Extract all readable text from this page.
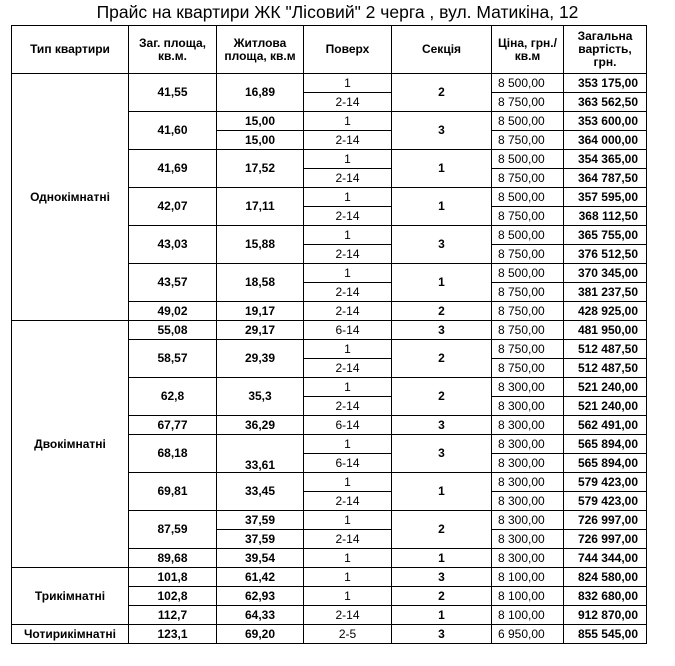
Прайс на квартири ЖК "Лісовий" 2 черга , вул. Матикіна, 12
Тип квартири	Заг. площа, кв.м.	Житлова площа, кв.м	Поверх	Секція	Ціна, грн./кв.м	Загальна вартість, грн.
Однокімнатні	41,55	16,89	1	2	8 500,00	353 175,00
			2-14		8 750,00	363 562,50
	41,60	15,00	1	3	8 500,00	353 600,00
		15,00	2-14		8 750,00	364 000,00
	41,69	17,52	1	1	8 500,00	354 365,00
			2-14		8 750,00	364 787,50
	42,07	17,11	1	1	8 500,00	357 595,00
			2-14		8 750,00	368 112,50
	43,03	15,88	1	3	8 500,00	365 755,00
			2-14		8 750,00	376 512,50
	43,57	18,58	1	1	8 500,00	370 345,00
			2-14		8 750,00	381 237,50
	49,02	19,17	2-14	2	8 750,00	428 925,00
Двокімнатні	55,08	29,17	6-14	3	8 750,00	481 950,00
	58,57	29,39	1	2	8 750,00	512 487,50
			2-14		8 750,00	512 487,50
	62,8	35,3	1	2	8 300,00	521 240,00
			2-14		8 300,00	521 240,00
	67,77	36,29	6-14	3	8 300,00	562 491,00
	68,18	33,61	1	3	8 300,00	565 894,00
			6-14		8 300,00	565 894,00
	69,81	33,45	1	1	8 300,00	579 423,00
			2-14		8 300,00	579 423,00
	87,59	37,59	1	2	8 300,00	726 997,00
		37,59	2-14		8 300,00	726 997,00
	89,68	39,54	1	1	8 300,00	744 344,00
Трикімнатні	101,8	61,42	1	3	8 100,00	824 580,00
	102,8	62,93	1	2	8 100,00	832 680,00
	112,7	64,33	2-14	1	8 100,00	912 870,00
Чотирикімнатні	123,1	69,20	2-5	3	6 950,00	855 545,00
